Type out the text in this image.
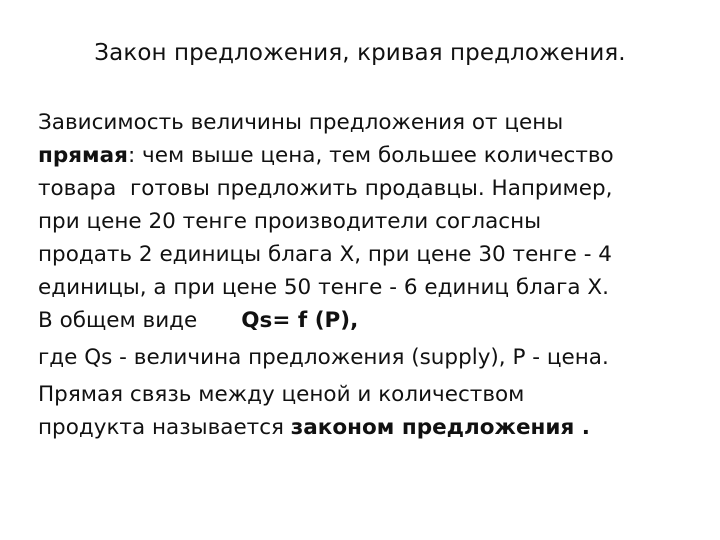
Закон предложения, кривая предложения.
Зависимость величины предложения от цены
прямая: чем выше цена, тем большее количество
товара  готовы предложить продавцы. Например,
при цене 20 тенге производители согласны
продать 2 единицы блага Х, при цене 30 тенге - 4
единицы, а при цене 50 тенге - 6 единиц блага Х.
В общем виде Qs= f (P),
где Qs - величина предложения (supply), Р - цена.
Прямая связь между ценой и количеством
продукта называется законом предложения .
